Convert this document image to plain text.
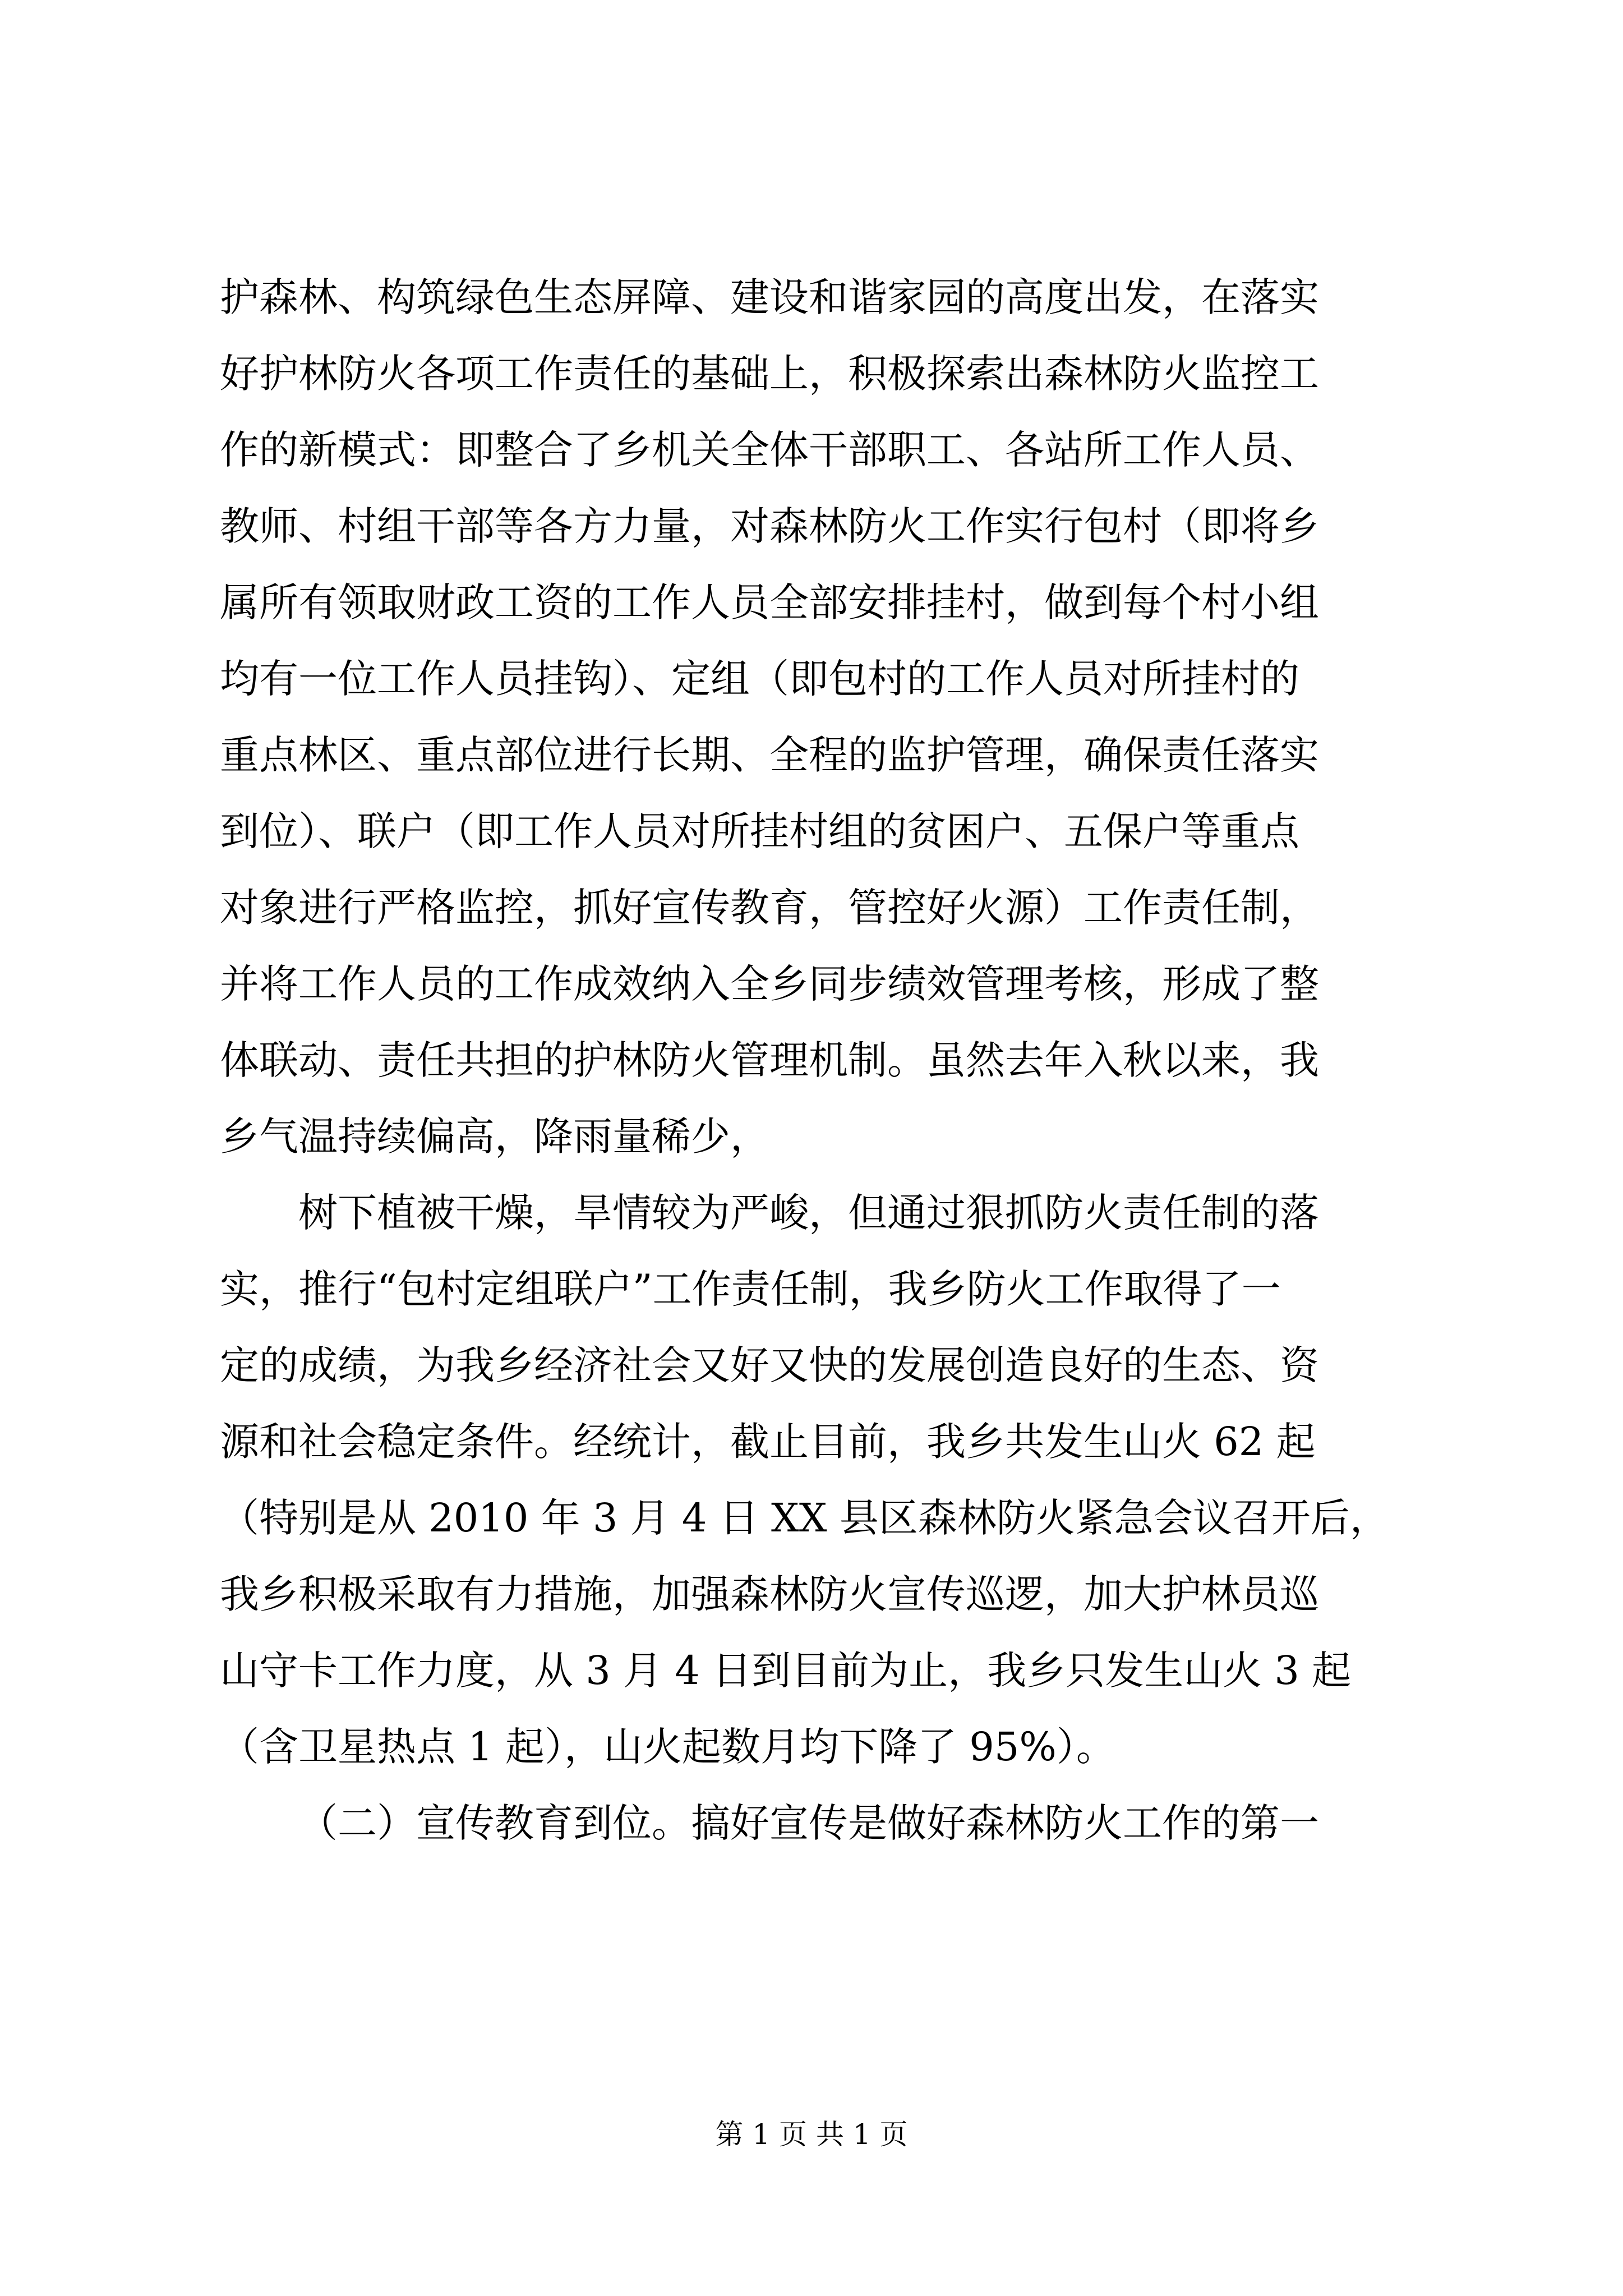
护森林、构筑绿色生态屏障、建设和谐家园的高度出发，在落实
好护林防火各项工作责任的基础上，积极探索出森林防火监控工
作的新模式：即整合了乡机关全体干部职工、各站所工作人员、
教师、村组干部等各方力量，对森林防火工作实行包村（即将乡
属所有领取财政工资的工作人员全部安排挂村，做到每个村小组
均有一位工作人员挂钩）、定组（即包村的工作人员对所挂村的
重点林区、重点部位进行长期、全程的监护管理，确保责任落实
到位）、联户（即工作人员对所挂村组的贫困户、五保户等重点
对象进行严格监控，抓好宣传教育，管控好火源）工作责任制，
并将工作人员的工作成效纳入全乡同步绩效管理考核，形成了整
体联动、责任共担的护林防火管理机制。虽然去年入秋以来，我
乡气温持续偏高，降雨量稀少，
树下植被干燥，旱情较为严峻，但通过狠抓防火责任制的落
实，推行“包村定组联户”工作责任制，我乡防火工作取得了一
定的成绩，为我乡经济社会又好又快的发展创造良好的生态、资
源和社会稳定条件。经统计，截止目前，我乡共发生山火 62 起
（特别是从 2010 年 3 月 4 日 XX 县区森林防火紧急会议召开后，
我乡积极采取有力措施，加强森林防火宣传巡逻，加大护林员巡
山守卡工作力度，从 3 月 4 日到目前为止，我乡只发生山火 3 起
（含卫星热点 1 起），山火起数月均下降了 95%）。
（二）宣传教育到位。搞好宣传是做好森林防火工作的第一
第 1 页 共 1 页
